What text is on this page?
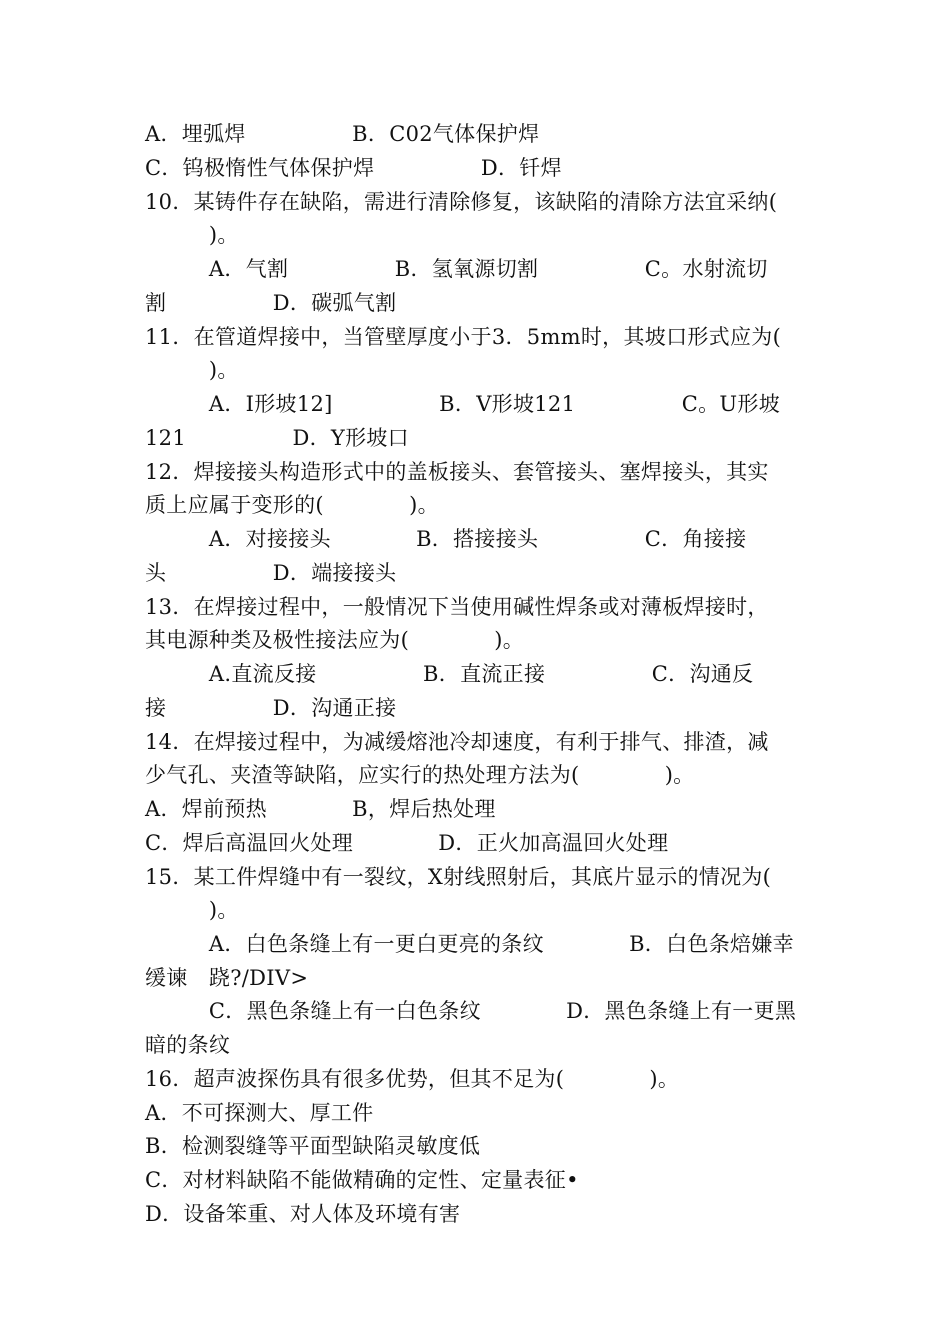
A．埋弧焊　　　　　B．C02气体保护焊
C．钨极惰性气体保护焊　　　　　D．钎焊
10．某铸件存在缺陷，需进行清除修复，该缺陷的清除方法宜采纳(
　　　)。
　　　A．气割　　　　　B．氢氧源切割　　　　　C。水射流切
割　　　　　D．碳弧气割
11．在管道焊接中，当管壁厚度小于3．5mm时，其坡口形式应为(
　　　)。
　　　A．I形坡12]　　　　　B．V形坡121　　　　　C。U形坡
121　　　　　D．Y形坡口
12．焊接接头构造形式中的盖板接头、套管接头、塞焊接头，其实
质上应属于变形的(　　　　)。
　　　A．对接接头　　　　B．搭接接头　　　　　C．角接接
头　　　　　D．端接接头
13．在焊接过程中，一般情况下当使用碱性焊条或对薄板焊接时，
其电源种类及极性接法应为(　　　　)。
　　　A.直流反接　　　　　B．直流正接　　　　　C．沟通反
接　　　　　D．沟通正接
14．在焊接过程中，为减缓熔池冷却速度，有利于排气、排渣，减
少气孔、夹渣等缺陷，应实行的热处理方法为(　　　　)。
A．焊前预热　　　　B，焊后热处理
C．焊后高温回火处理　　　　D．正火加高温回火处理
15．某工件焊缝中有一裂纹，X射线照射后，其底片显示的情况为(
　　　)。
　　　A．白色条缝上有一更白更亮的条纹　　　　B．白色条焙嫌幸
缓谏　跷?/DIV>
　　　C．黑色条缝上有一白色条纹　　　　D．黑色条缝上有一更黑
暗的条纹
16．超声波探伤具有很多优势，但其不足为(　　　　)。
A．不可探测大、厚工件
B．检测裂缝等平面型缺陷灵敏度低
C．对材料缺陷不能做精确的定性、定量表征•
D．设备笨重、对人体及环境有害
